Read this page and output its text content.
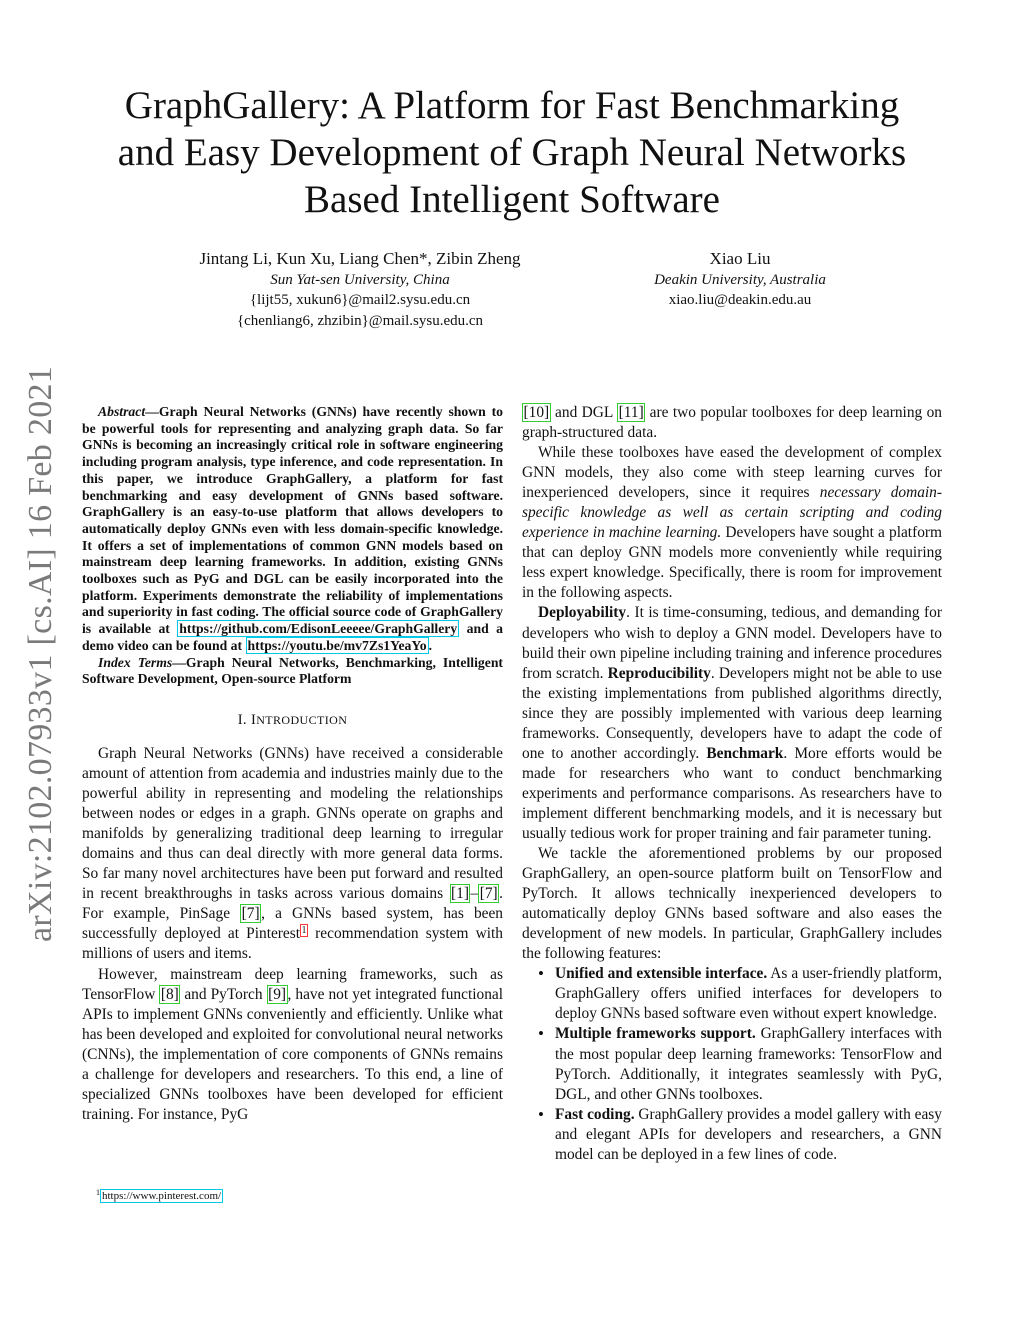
GraphGallery: A Platform for Fast Benchmarking
and Easy Development of Graph Neural Networks
Based Intelligent Software
Jintang Li, Kun Xu, Liang Chen*, Zibin Zheng
Sun Yat-sen University, China
{lijt55, xukun6}@mail2.sysu.edu.cn
{chenliang6, zhzibin}@mail.sysu.edu.cn
Xiao Liu
Deakin University, Australia
xiao.liu@deakin.edu.au
arXiv:2102.07933v1 [cs.AI] 16 Feb 2021	Abstract—Graph Neural Networks (GNNs) have recently shown to be powerful tools for representing and analyzing graph data. So far GNNs is becoming an increasingly critical role in software engineering including program analysis, type inference, and code representation. In this paper, we introduce GraphGallery, a platform for fast benchmarking and easy development of GNNs based software. GraphGallery is an easy-to-use platform that allows developers to automatically deploy GNNs even with less domain-specific knowledge. It offers a set of implementations of common GNN models based on mainstream deep learning frameworks. In addition, existing GNNs toolboxes such as PyG and DGL can be easily incorporated into the platform. Experiments demonstrate the reliability of implementations and superiority in fast coding. The official source code of GraphGallery is available at https://github.com/EdisonLeeeee/GraphGallery and a demo video can be found at https://youtu.be/mv7Zs1YeaYo .

Index Terms—Graph Neural Networks, Benchmarking, Intelligent Software Development, Open-source Platform

I. INTRODUCTION

Graph Neural Networks (GNNs) have received a considerable amount of attention from academia and industries mainly due to the powerful ability in representing and modeling the relationships between nodes or edges in a graph. GNNs operate on graphs and manifolds by generalizing traditional deep learning to irregular domains and thus can deal directly with more general data forms. So far many novel architectures have been put forward and resulted in recent breakthroughs in tasks across various domains [1]–[7]. For example, PinSage [7], a GNNs based system, has been successfully deployed at Pinterest $^1$ recommendation system with millions of users and items.

However, mainstream deep learning frameworks, such as TensorFlow [8] and PyTorch [9], have not yet integrated functional APIs to implement GNNs conveniently and efficiently. Unlike what has been developed and exploited for convolutional neural networks (CNNs), the implementation of core components of GNNs remains a challenge for developers and researchers. To this end, a line of specialized GNNs toolboxes have been developed for efficient training. For instance, PyG

[10] and DGL [11] are two popular toolboxes for deep learning on graph-structured data.

While these toolboxes have eased the development of complex GNN models, they also come with steep learning curves for inexperienced developers, since it requires necessary domain-specific knowledge as well as certain scripting and coding experience in machine learning. Developers have sought a platform that can deploy GNN models more conveniently while requiring less expert knowledge. Specifically, there is room for improvement in the following aspects.

Deployability. It is time-consuming, tedious, and demanding for developers who wish to deploy a GNN model. Developers have to build their own pipeline including training and inference procedures from scratch. Reproducibility. Developers might not be able to use the existing implementations from published algorithms directly, since they are possibly implemented with various deep learning frameworks. Consequently, developers have to adapt the code of one to another accordingly. Benchmark. More efforts would be made for researchers who want to conduct benchmarking experiments and performance comparisons. As researchers have to implement different benchmarking models, and it is necessary but usually tedious work for proper training and fair parameter tuning.

We tackle the aforementioned problems by our proposed GraphGallery, an open-source platform built on TensorFlow and PyTorch. It allows technically inexperienced developers to automatically deploy GNNs based software and also eases the development of new models. In particular, GraphGallery includes the following features:

• Unified and extensible interface. As a user-friendly platform, GraphGallery offers unified interfaces for developers to deploy GNNs based software even without expert knowledge.
• Multiple frameworks support. GraphGallery interfaces with the most popular deep learning frameworks: TensorFlow and PyTorch. Additionally, it integrates seamlessly with PyG, DGL, and other GNNs toolboxes.
• Fast coding. GraphGallery provides a model gallery with easy and elegant APIs for developers and researchers, a GNN model can be deployed in a few lines of code.
$^1$ https://www.pinterest.com/
